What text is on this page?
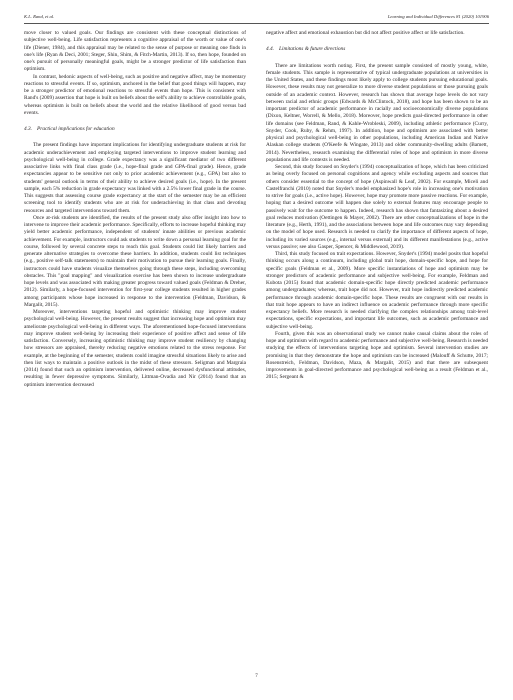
K.L. Rand, et al.	Learning and Individual Differences 81 (2020) 101906

move closer to valued goals. Our findings are consistent with these conceptual distinctions of subjective well-being. Life satisfaction represents a cognitive appraisal of the worth or value of one's life (Diener, 1984), and this appraisal may be related to the sense of purpose or meaning one finds in one's life (Ryan & Deci, 2001; Steger, Shin, Shim, & Fitch-Martin, 2013). If so, then hope, founded on one's pursuit of personally meaningful goals, might be a stronger predictor of life satisfaction than optimism.

In contrast, hedonic aspects of well-being, such as positive and negative affect, may be momentary reactions to stressful events. If so, optimism, anchored in the belief that good things will happen, may be a stronger predictor of emotional reactions to stressful events than hope. This is consistent with Rand's (2009) assertion that hope is built on beliefs about the self's ability to achieve controllable goals, whereas optimism is built on beliefs about the world and the relative likelihood of good versus bad events.

4.3. Practical implications for education

The present findings have important implications for identifying undergraduate students at risk for academic underachievement and employing targeted interventions to improve student learning and psychological well-being in college. Grade expectancy was a significant mediator of two different associative links with final class grade (i.e., hope-final grade and GPA-final grade). Hence, grade expectancies appear to be sensitive not only to prior academic achievement (e.g., GPA) but also to students' general outlook in terms of their ability to achieve desired goals (i.e., hope). In the present sample, each 5% reduction in grade expectancy was linked with a 2.5% lower final grade in the course. This suggests that assessing course grade expectancy at the start of the semester may be an efficient screening tool to identify students who are at risk for underachieving in that class and devoting resources and targeted interventions toward them.

Once at-risk students are identified, the results of the present study also offer insight into how to intervene to improve their academic performance. Specifically, efforts to increase hopeful thinking may yield better academic performance, independent of students' innate abilities or previous academic achievement. For example, instructors could ask students to write down a personal learning goal for the course, followed by several concrete steps to reach this goal. Students could list likely barriers and generate alternative strategies to overcome these barriers. In addition, students could list techniques (e.g., positive self-talk statements) to maintain their motivation to pursue their learning goals. Finally, instructors could have students visualize themselves going through these steps, including overcoming obstacles. This "goal mapping" and visualization exercise has been shown to increase undergraduate hope levels and was associated with making greater progress toward valued goals (Feldman & Dreher, 2012). Similarly, a hope-focused intervention for first-year college students resulted in higher grades among participants whose hope increased in response to the intervention (Feldman, Davidson, & Margalit, 2015).

Moreover, interventions targeting hopeful and optimistic thinking may improve student psychological well-being. However, the present results suggest that increasing hope and optimism may ameliorate psychological well-being in different ways. The aforementioned hope-focused interventions may improve student well-being by increasing their experience of positive affect and sense of life satisfaction. Conversely, increasing optimistic thinking may improve student resiliency by changing how stressors are appraised, thereby reducing negative emotions related to the stress response. For example, at the beginning of the semester, students could imagine stressful situations likely to arise and then list ways to maintain a positive outlook in the midst of these stressors. Seligman and Margraia (2014) found that such an optimism intervention, delivered online, decreased dysfunctional attitudes, resulting in fewer depressive symptoms. Similarly, Littman-Ovadia and Nir (2014) found that an optimism intervention decreased

negative affect and emotional exhaustion but did not affect positive affect or life satisfaction.

4.4. Limitations & future directions

There are limitations worth noting. First, the present sample consisted of mostly young, white, female students. This sample is representative of typical undergraduate populations at universities in the United States, and these findings most likely apply to college students pursuing educational goals. However, these results may not generalize to more diverse student populations or those pursuing goals outside of an academic context. However, research has shown that average hope levels do not vary between racial and ethnic groups (Edwards & McClintock, 2018), and hope has been shown to be an important predictor of academic performance in racially and socioeconomically diverse populations (Dixon, Keltner, Worrell, & Mello, 2018). Moreover, hope predicts goal-directed performance in other life domains (see Feldman, Rand, & Kahle-Wrobleski, 2009), including athletic performance (Curry, Snyder, Cook, Ruby, & Rehm, 1997). In addition, hope and optimism are associated with better physical and psychological well-being in other populations, including American Indian and Native Alaskan college students (O'Keefe & Wingate, 2013) and older community-dwelling adults (Bamett, 2014). Nevertheless, research examining the differential roles of hope and optimism in more diverse populations and life contexts is needed.

Second, this study focused on Snyder's (1994) conceptualization of hope, which has been criticized as being overly focused on personal cognitions and agency while excluding aspects and sources that others consider essential to the concept of hope (Aspinwall & Leaf, 2002). For example, Miceli and Castelfranchi (2010) noted that Snyder's model emphasized hope's role in increasing one's motivation to strive for goals (i.e., active hope). However, hope may promote more passive reactions. For example, hoping that a desired outcome will happen due solely to external features may encourage people to passively wait for the outcome to happen. Indeed, research has shown that fantasizing about a desired goal reduces motivation (Oettingen & Mayer, 2002). There are other conceptualizations of hope in the literature (e.g., Herth, 1991), and the associations between hope and life outcomes may vary depending on the model of hope used. Research is needed to clarify the importance of different aspects of hope, including its varied sources (e.g., internal versus external) and its different manifestations (e.g., active versus passive; see also Gasper, Spencer, & Middlewood, 2019).

Third, this study focused on trait expectations. However, Snyder's (1994) model posits that hopeful thinking occurs along a continuum, including global trait hope, domain-specific hope, and hope for specific goals (Feldman et al., 2009). More specific instantiations of hope and optimism may be stronger predictors of academic performance and subjective well-being. For example, Feldman and Kubota (2015) found that academic domain-specific hope directly predicted academic performance among undergraduates; whereas, trait hope did not. However, trait hope indirectly predicted academic performance through academic domain-specific hope. These results are congruent with our results in that trait hope appears to have an indirect influence on academic performance through more specific expectancy beliefs. More research is needed clarifying the complex relationships among trait-level expectations, specific expectations, and important life outcomes, such as academic performance and subjective well-being.

Fourth, given this was an observational study we cannot make causal claims about the roles of hope and optimism with regard to academic performance and subjective well-being. Research is needed studying the effects of interventions targeting hope and optimism. Several intervention studies are promising in that they demonstrate the hope and optimism can be increased (Malouff & Schutte, 2017; Rosenstreich, Feldman, Davidson, Maza, & Margalit, 2015) and that there are subsequent improvements in goal-directed performance and psychological well-being as a result (Feldman et al., 2015; Sergeant &

7
